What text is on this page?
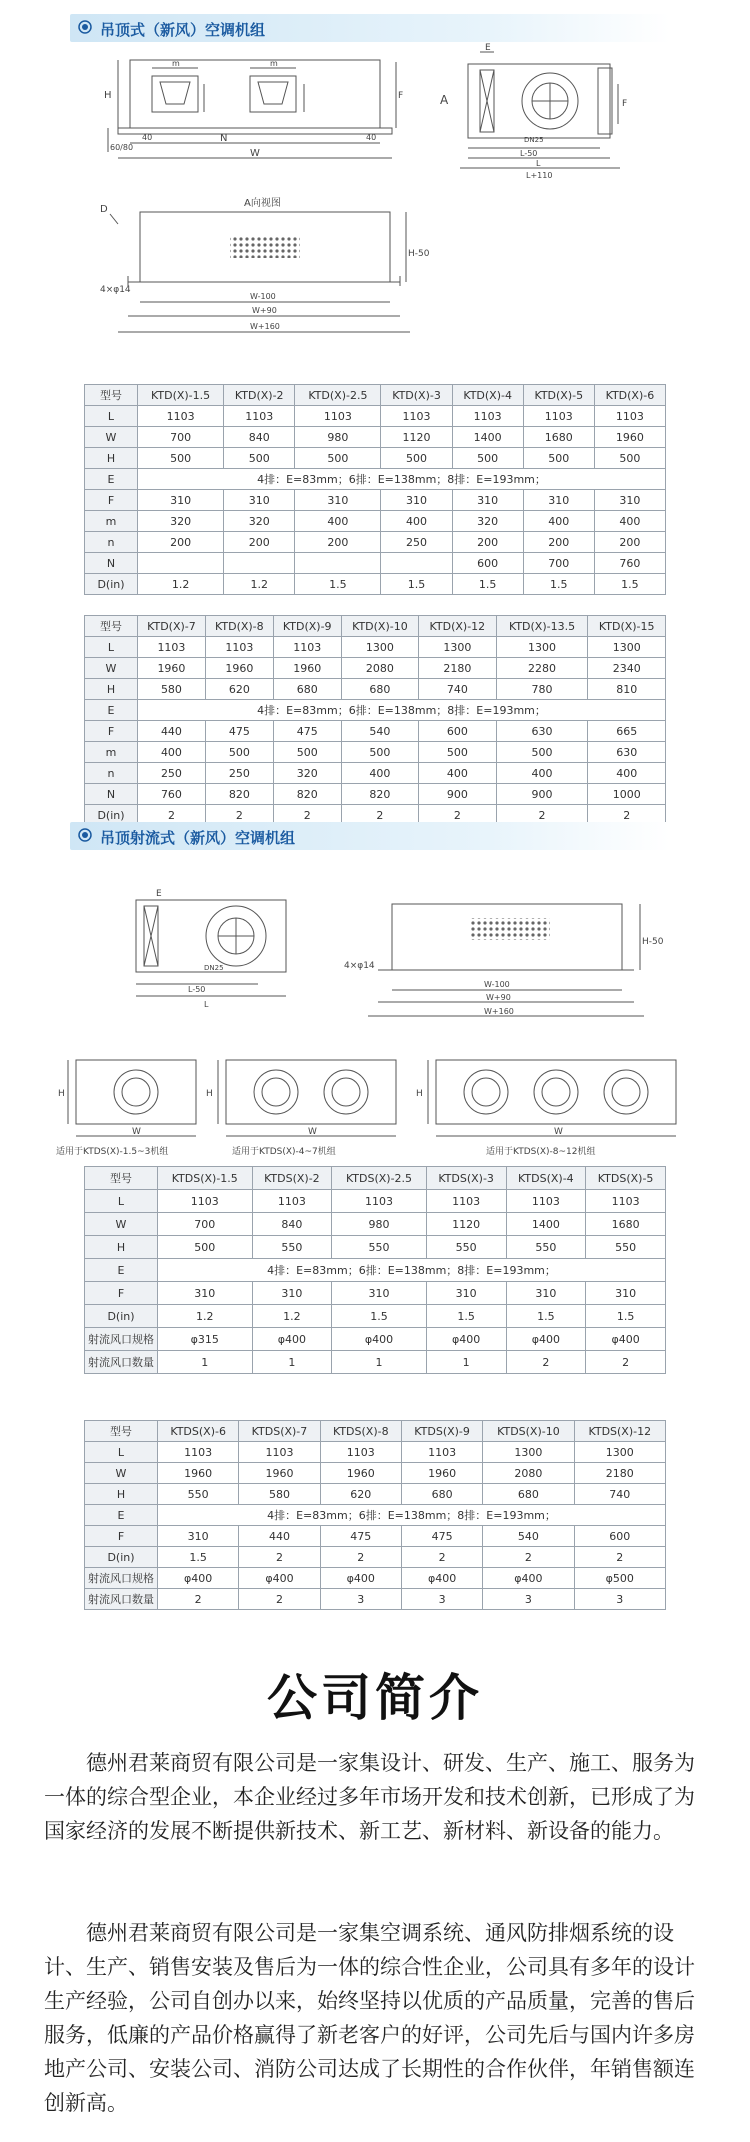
吊顶式（新风）空调机组
H
60/80
40	40
N
W
m	m
F	A
E
DN25
L-50
L
L+110
F
A向视图
D
4×φ14
H-50
W-100
W+90
W+160
型号	KTD(X)-1.5	KTD(X)-2	KTD(X)-2.5	KTD(X)-3	KTD(X)-4	KTD(X)-5	KTD(X)-6
L	1103	1103	1103	1103	1103	1103	1103
W	700	840	980	1120	1400	1680	1960
H	500	500	500	500	500	500	500
E	4排：E=83mm；6排：E=138mm；8排：E=193mm；						
F	310	310	310	310	310	310	310
m	320	320	400	400	320	400	400
n	200	200	200	250	200	200	200
N					600	700	760
D(in)	1.2	1.2	1.5	1.5	1.5	1.5	1.5
型号	KTD(X)-7	KTD(X)-8	KTD(X)-9	KTD(X)-10	KTD(X)-12	KTD(X)-13.5	KTD(X)-15
L	1103	1103	1103	1300	1300	1300	1300
W	1960	1960	1960	2080	2180	2280	2340
H	580	620	680	680	740	780	810
E	4排：E=83mm；6排：E=138mm；8排：E=193mm；						
F	440	475	475	540	600	630	665
m	400	500	500	500	500	500	630
n	250	250	320	400	400	400	400
N	760	820	820	820	900	900	1000
D(in)	2	2	2	2	2	2	2
吊顶射流式（新风）空调机组
E
DN25
L-50
L
4×φ14
H-50
W-100
W+90
W+160
H
W
适用于KTDS(X)-1.5~3机组
H
W
适用于KTDS(X)-4~7机组
H
W
适用于KTDS(X)-8~12机组
型号	KTDS(X)-1.5	KTDS(X)-2	KTDS(X)-2.5	KTDS(X)-3	KTDS(X)-4	KTDS(X)-5
L	1103	1103	1103	1103	1103	1103
W	700	840	980	1120	1400	1680
H	500	550	550	550	550	550
E	4排：E=83mm；6排：E=138mm；8排：E=193mm；					
F	310	310	310	310	310	310
D(in)	1.2	1.2	1.5	1.5	1.5	1.5
射流风口规格	φ315	φ400	φ400	φ400	φ400	φ400
射流风口数量	1	1	1	1	2	2
型号	KTDS(X)-6	KTDS(X)-7	KTDS(X)-8	KTDS(X)-9	KTDS(X)-10	KTDS(X)-12
L	1103	1103	1103	1103	1300	1300
W	1960	1960	1960	1960	2080	2180
H	550	580	620	680	680	740
E	4排：E=83mm；6排：E=138mm；8排：E=193mm；					
F	310	440	475	475	540	600
D(in)	1.5	2	2	2	2	2
射流风口规格	φ400	φ400	φ400	φ400	φ400	φ500
射流风口数量	2	2	3	3	3	3
公司简介

德州君莱商贸有限公司是一家集设计、研发、生产、施工、服务为一体的综合型企业，本企业经过多年市场开发和技术创新，已形成了为国家经济的发展不断提供新技术、新工艺、新材料、新设备的能力。

德州君莱商贸有限公司是一家集空调系统、通风防排烟系统的设计、生产、销售安装及售后为一体的综合性企业，公司具有多年的设计生产经验，公司自创办以来，始终坚持以优质的产品质量，完善的售后服务，低廉的产品价格赢得了新老客户的好评，公司先后与国内许多房地产公司、安装公司、消防公司达成了长期性的合作伙伴，年销售额连创新高。
